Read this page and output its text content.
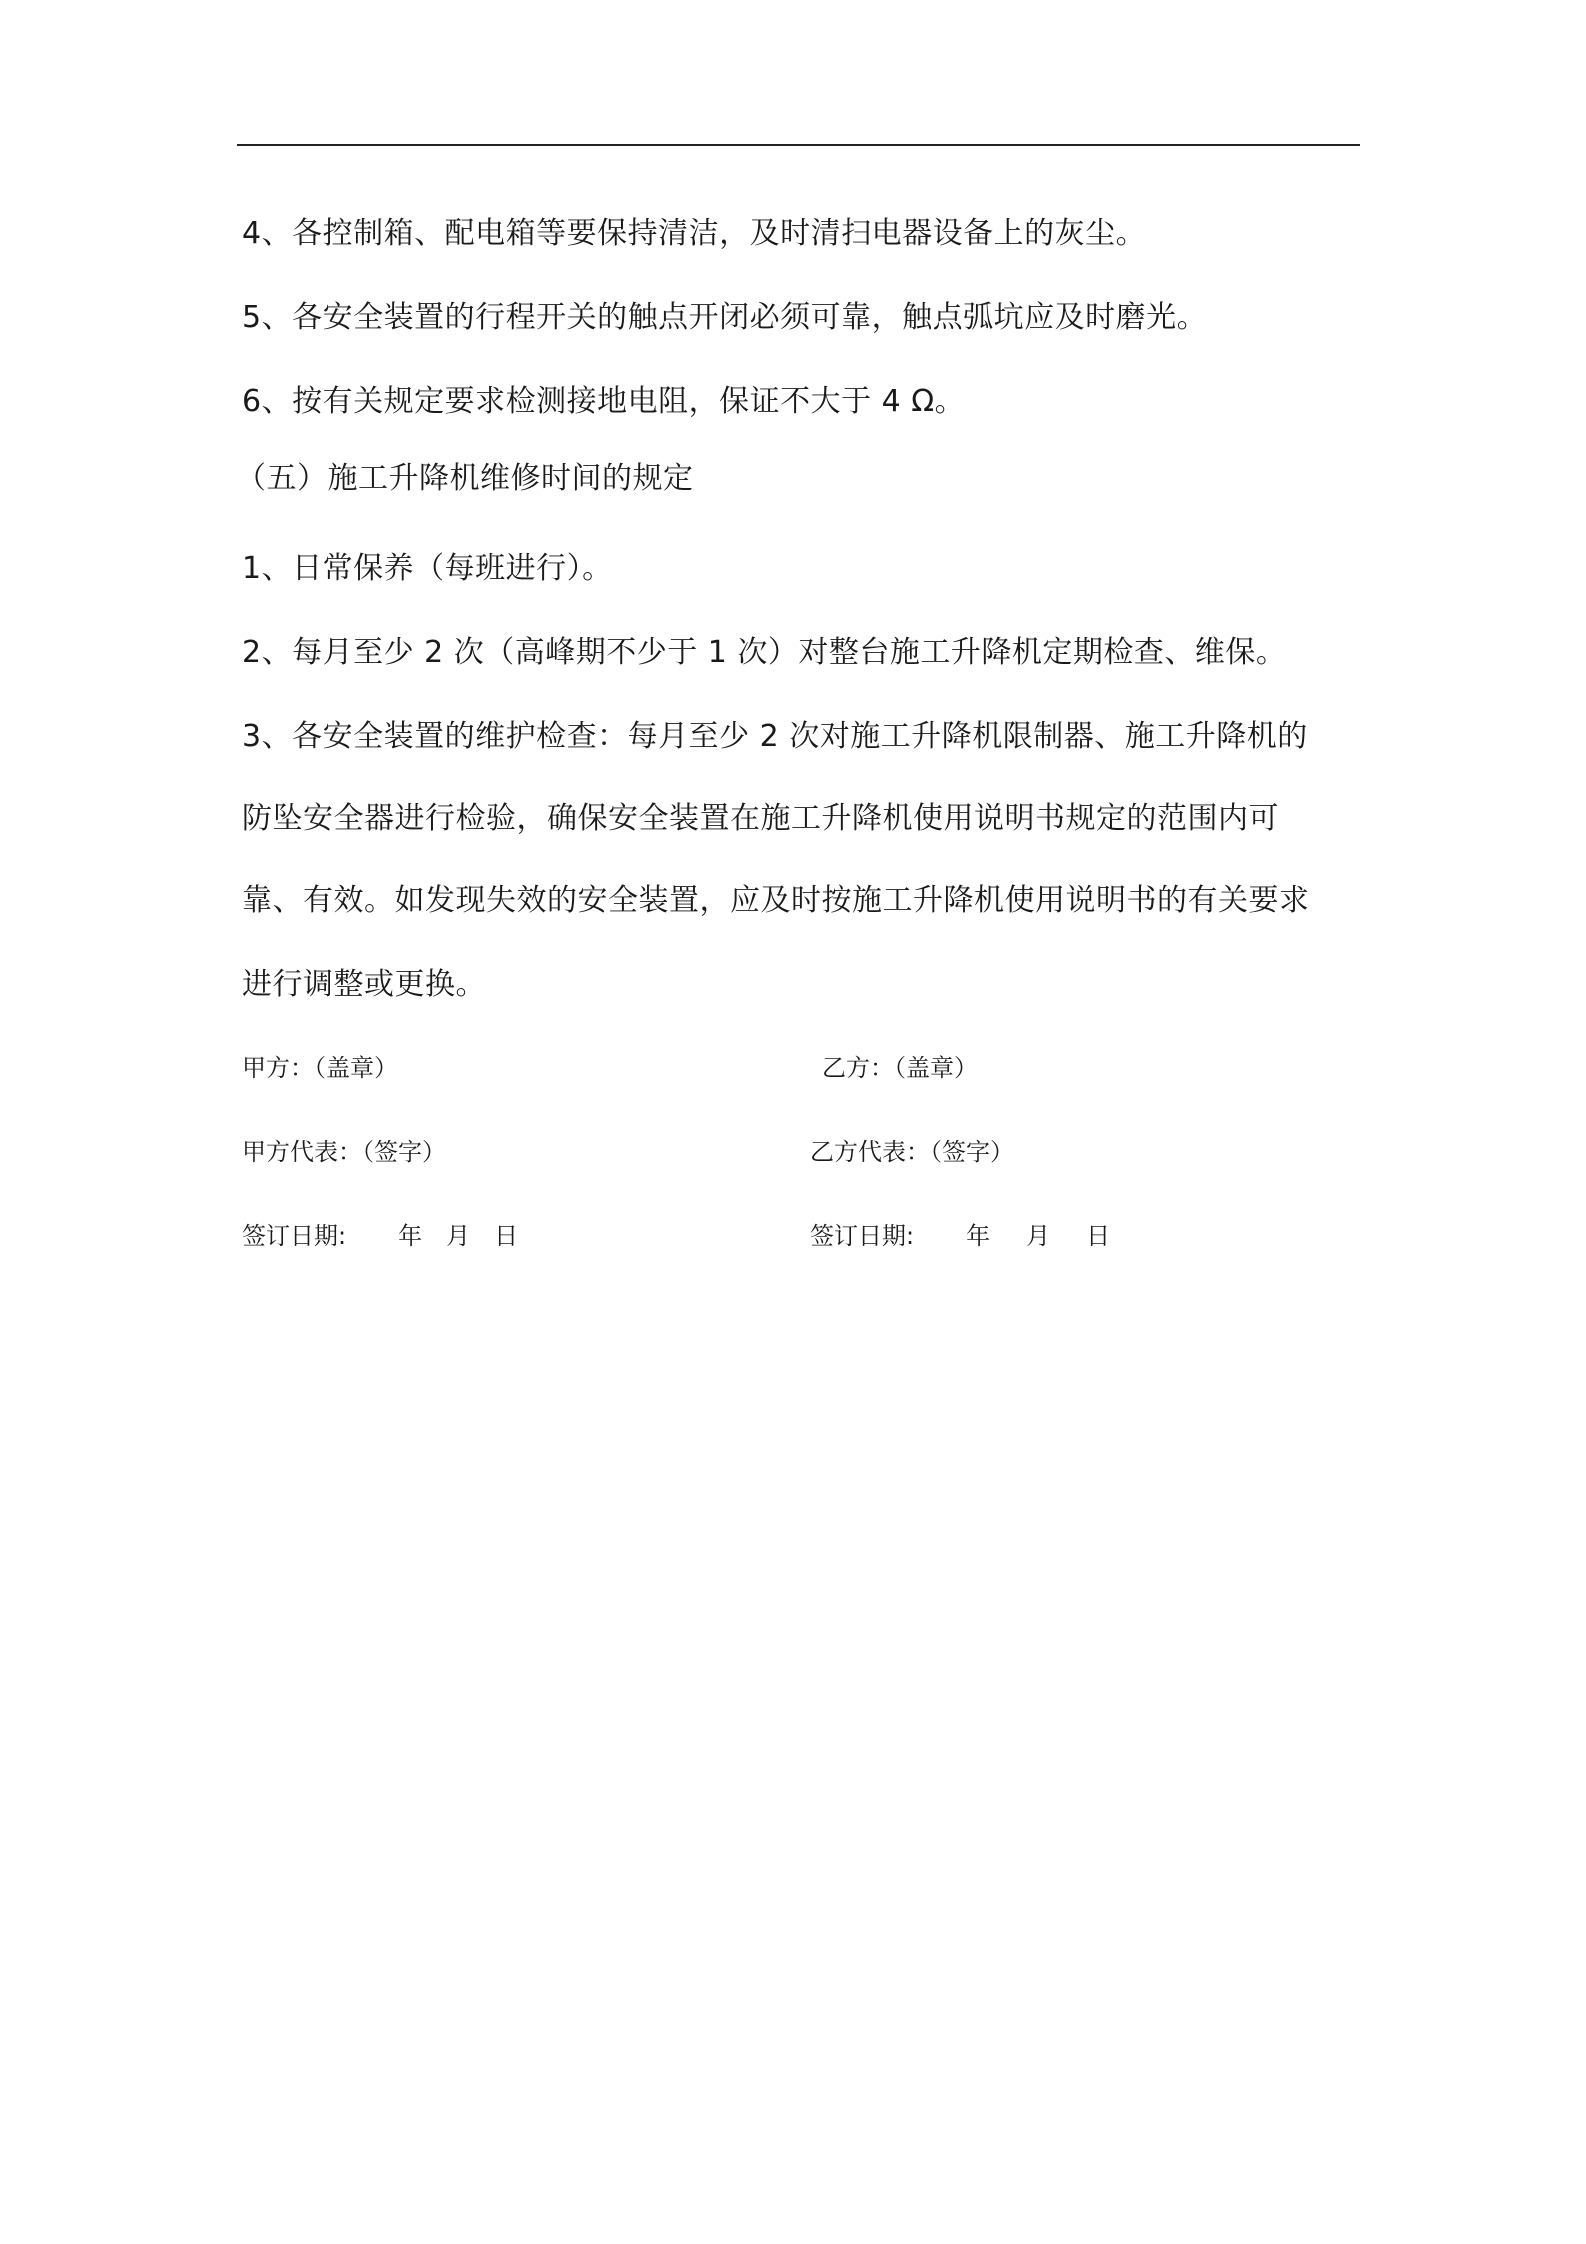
4、各控制箱、配电箱等要保持清洁，及时清扫电器设备上的灰尘。
5、各安全装置的行程开关的触点开闭必须可靠，触点弧坑应及时磨光。
6、按有关规定要求检测接地电阻，保证不大于 4 Ω。
（五）施工升降机维修时间的规定
1、日常保养（每班进行）。
2、每月至少 2 次（高峰期不少于 1 次）对整台施工升降机定期检查、维保。
3、各安全装置的维护检查：每月至少 2 次对施工升降机限制器、施工升降机的
防坠安全器进行检验，确保安全装置在施工升降机使用说明书规定的范围内可
靠、有效。如发现失效的安全装置，应及时按施工升降机使用说明书的有关要求
进行调整或更换。
甲方：（盖章）	乙方：（盖章）
甲方代表：（签字）	乙方代表：（签字）
签订日期: 年 月 日	签订日期: 年 月 日
